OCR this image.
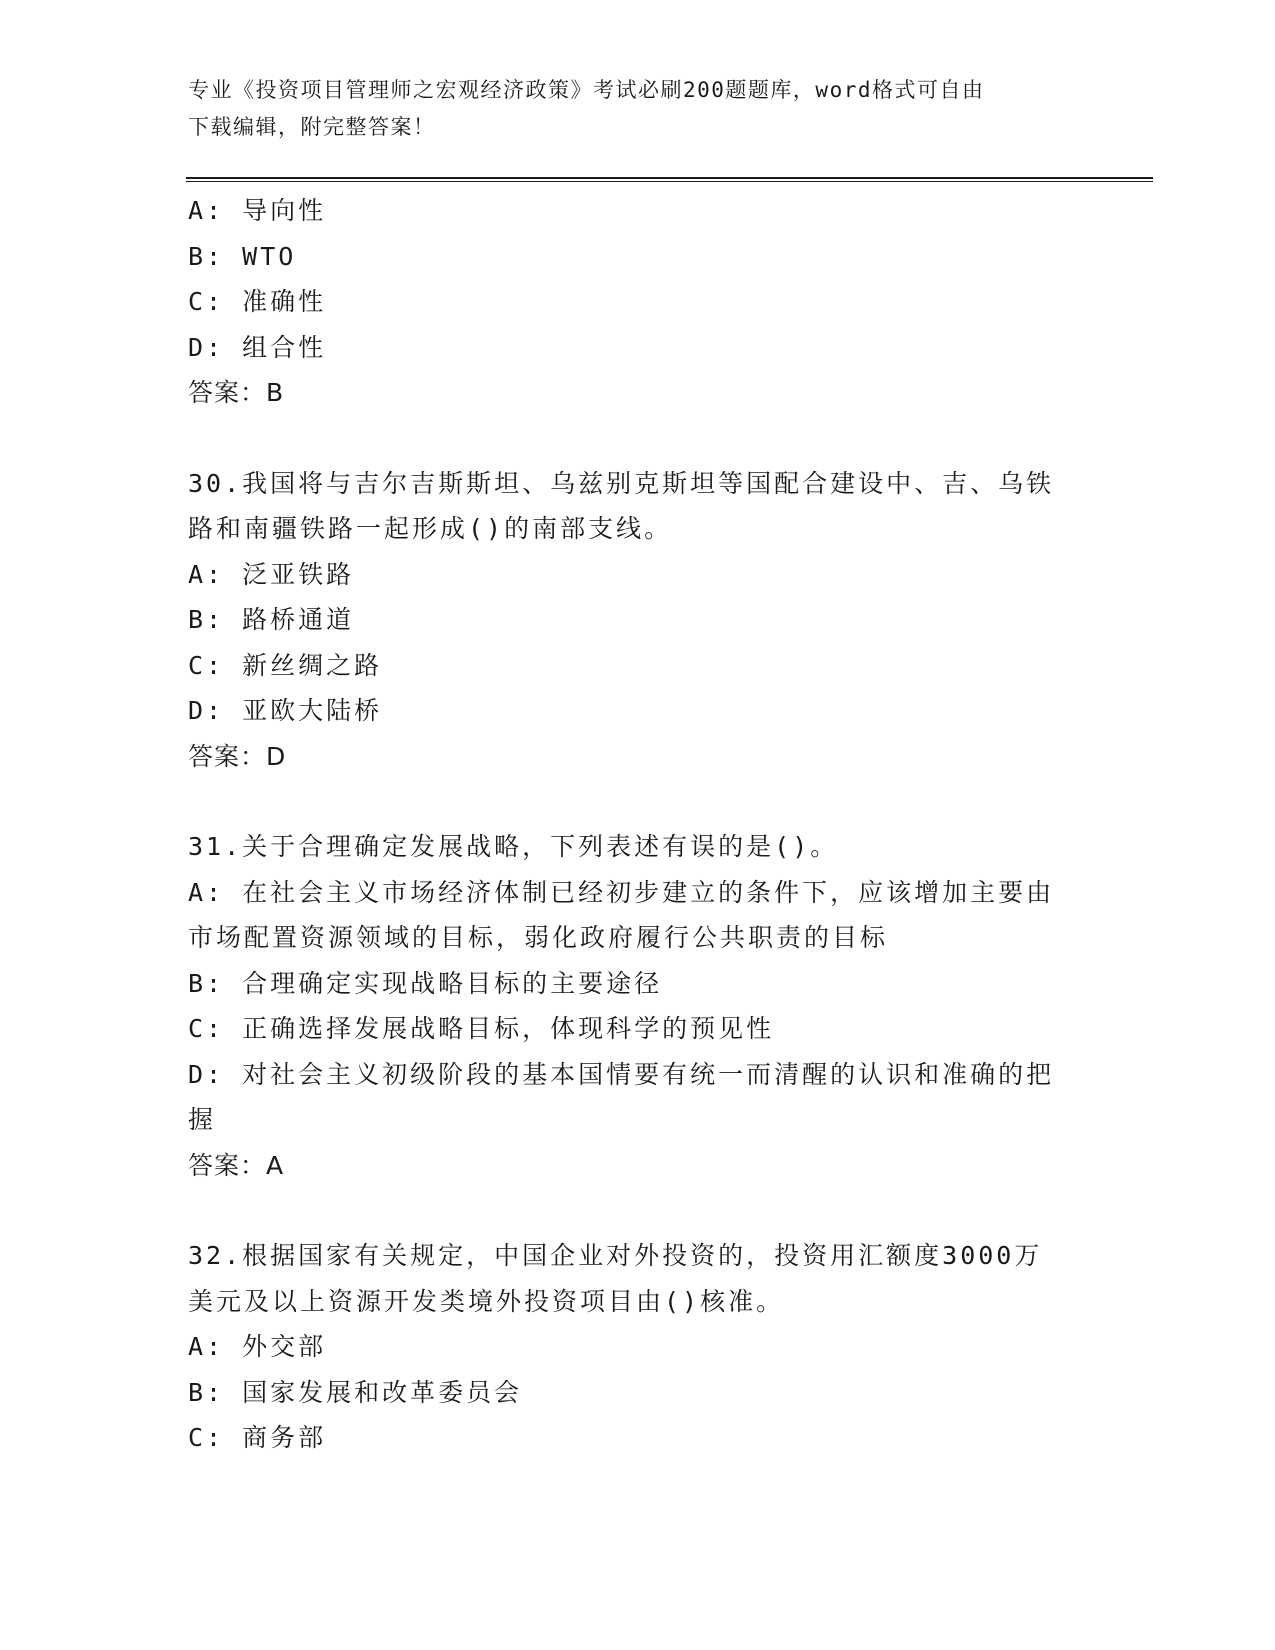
专业《投资项目管理师之宏观经济政策》考试必刷200题题库，word格式可自由
下载编辑，附完整答案！

A: 导向性

B: WTO

C: 准确性

D: 组合性

答案：B

30.我国将与吉尔吉斯斯坦、乌兹别克斯坦等国配合建设中、吉、乌铁

路和南疆铁路一起形成()的南部支线。

A: 泛亚铁路

B: 路桥通道

C: 新丝绸之路

D: 亚欧大陆桥

答案：D

31.关于合理确定发展战略，下列表述有误的是()。

A: 在社会主义市场经济体制已经初步建立的条件下，应该增加主要由

市场配置资源领域的目标，弱化政府履行公共职责的目标

B: 合理确定实现战略目标的主要途径

C: 正确选择发展战略目标，体现科学的预见性

D: 对社会主义初级阶段的基本国情要有统一而清醒的认识和准确的把

握

答案：A

32.根据国家有关规定，中国企业对外投资的，投资用汇额度3000万

美元及以上资源开发类境外投资项目由()核准。

A: 外交部

B: 国家发展和改革委员会

C: 商务部
